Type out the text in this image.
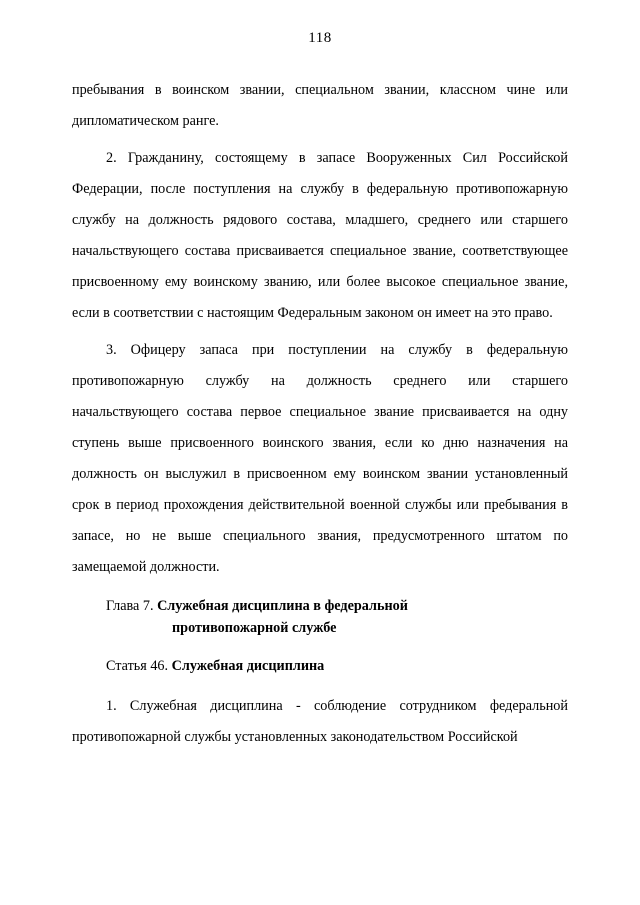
118

пребывания в воинском звании, специальном звании, классном чине или дипломатическом ранге.

2. Гражданину, состоящему в запасе Вооруженных Сил Российской Федерации, после поступления на службу в федеральную противопожарную службу на должность рядового состава, младшего, среднего или старшего начальствующего состава присваивается специальное звание, соответствующее присвоенному ему воинскому званию, или более высокое специальное звание, если в соответствии с настоящим Федеральным законом он имеет на это право.

3. Офицеру запаса при поступлении на службу в федеральную противопожарную службу на должность среднего или старшего начальствующего состава первое специальное звание присваивается на одну ступень выше присвоенного воинского звания, если ко дню назначения на должность он выслужил в присвоенном ему воинском звании установленный срок в период прохождения действительной военной службы или пребывания в запасе, но не выше специального звания, предусмотренного штатом по замещаемой должности.

Глава 7. Служебная дисциплина в федеральной
противопожарной службе
Статья 46. Служебная дисциплина

1. Служебная дисциплина - соблюдение сотрудником федеральной противопожарной службы установленных законодательством Российской
